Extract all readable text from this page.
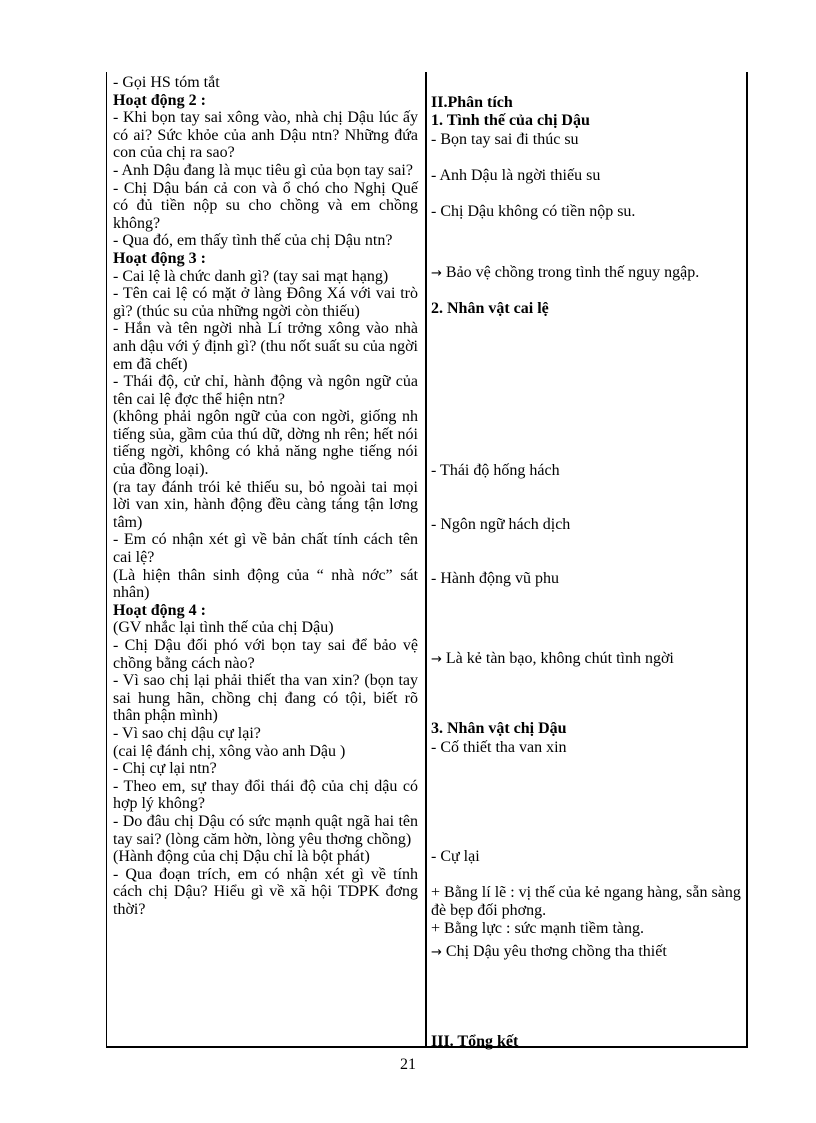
- Gọi HS tóm tắt
Hoạt động 2 :
- Khi bọn tay sai xông vào, nhà chị Dậu lúc ấy có ai? Sức khỏe của anh Dậu ntn? Những đứa con của chị ra sao?
- Anh Dậu đang là mục tiêu gì của bọn tay sai?
- Chị Dậu bán cả con và ổ chó cho Nghị Quế có đủ tiền nộp su cho chồng và em chồng không?
- Qua đó, em thấy tình thế của chị Dậu ntn?
Hoạt động 3 :
- Cai lệ là chức danh gì? (tay sai mạt hạng)
- Tên cai lệ có mặt ở làng Đông Xá với vai trò gì? (thúc su của những ngời còn thiếu)
- Hắn và tên ngời nhà Lí trởng xông vào nhà anh dậu với ý định gì? (thu nốt suất su của ngời em đã chết)
- Thái độ, cử chỉ, hành động và ngôn ngữ của tên cai lệ đợc thể hiện ntn?
(không phải ngôn ngữ của con ngời, giống nh tiếng sủa, gầm của thú dữ, dờng nh rên; hết nói tiếng ngời, không có khả năng nghe tiếng nói của đồng loại).
(ra tay đánh trói kẻ thiếu su, bỏ ngoài tai mọi lời van xin, hành động đều càng táng tận lơng tâm)
- Em có nhận xét gì về bản chất tính cách tên cai lệ?
(Là hiện thân sinh động của “ nhà nớc” sát nhân)
Hoạt động 4 :
(GV nhắc lại tình thế của chị Dậu)
- Chị Dậu đối phó với bọn tay sai để bảo vệ chồng bằng cách nào?
- Vì sao chị lại phải thiết tha van xin? (bọn tay sai hung hãn, chồng chị đang có tội, biết rõ thân phận mình)
- Vì sao chị dậu cự lại?
(cai lệ đánh chị, xông vào anh Dậu )
- Chị cự lại ntn?
- Theo em, sự thay đổi thái độ của chị dậu có hợp lý không?
- Do đâu chị Dậu có sức mạnh quật ngã hai tên tay sai? (lòng căm hờn, lòng yêu thơng chồng)
(Hành động của chị Dậu chỉ là bột phát)
- Qua đoạn trích, em có nhận xét gì về tính cách chị Dậu? Hiểu gì về xã hội TDPK đơng thời?
II.Phân tích
1. Tình thế của chị Dậu
- Bọn tay sai đi thúc su
- Anh Dậu là ngời thiếu su
- Chị Dậu không có tiền nộp su.
→ Bảo vệ chồng trong tình thế nguy ngập.
2. Nhân vật cai lệ
- Thái độ hống hách
- Ngôn ngữ hách dịch
- Hành động vũ phu
→ Là kẻ tàn bạo, không chút tình ngời
3. Nhân vật chị Dậu
- Cố thiết tha van xin
- Cự lại
+ Bằng lí lẽ : vị thế của kẻ ngang hàng, sẵn sàng đè bẹp đối phơng.
+ Bằng lực : sức mạnh tiềm tàng.
→ Chị Dậu yêu thơng chồng tha thiết
III. Tổng kết
21
